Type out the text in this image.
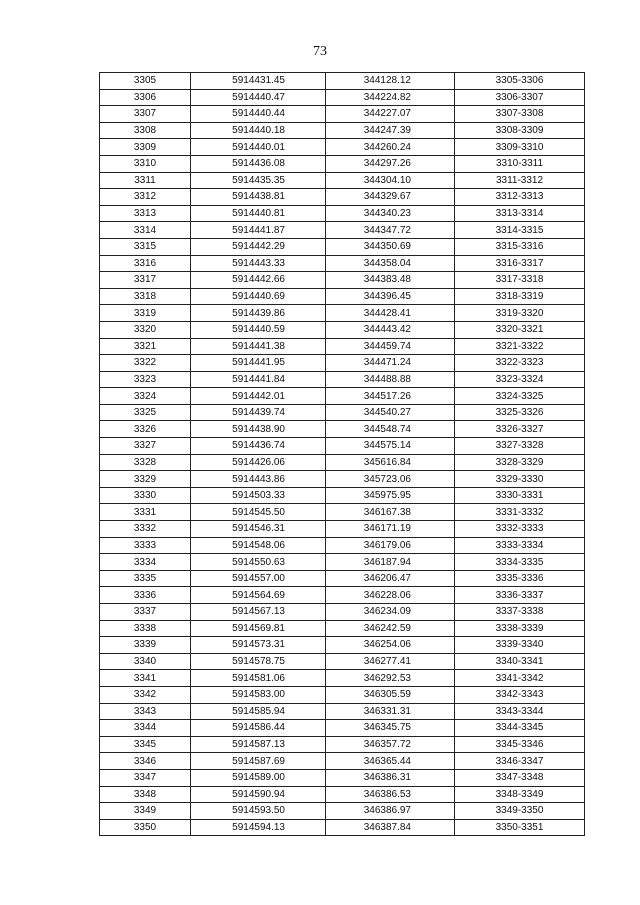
73
3305	5914431.45	344128.12	3305-3306
3306	5914440.47	344224.82	3306-3307
3307	5914440.44	344227.07	3307-3308
3308	5914440.18	344247.39	3308-3309
3309	5914440.01	344260.24	3309-3310
3310	5914436.08	344297.26	3310-3311
3311	5914435.35	344304.10	3311-3312
3312	5914438.81	344329.67	3312-3313
3313	5914440.81	344340.23	3313-3314
3314	5914441.87	344347.72	3314-3315
3315	5914442.29	344350.69	3315-3316
3316	5914443.33	344358.04	3316-3317
3317	5914442.66	344383.48	3317-3318
3318	5914440.69	344396.45	3318-3319
3319	5914439.86	344428.41	3319-3320
3320	5914440.59	344443.42	3320-3321
3321	5914441.38	344459.74	3321-3322
3322	5914441.95	344471.24	3322-3323
3323	5914441.84	344488.88	3323-3324
3324	5914442.01	344517.26	3324-3325
3325	5914439.74	344540.27	3325-3326
3326	5914438.90	344548.74	3326-3327
3327	5914436.74	344575.14	3327-3328
3328	5914426.06	345616.84	3328-3329
3329	5914443.86	345723.06	3329-3330
3330	5914503.33	345975.95	3330-3331
3331	5914545.50	346167.38	3331-3332
3332	5914546.31	346171.19	3332-3333
3333	5914548.06	346179.06	3333-3334
3334	5914550.63	346187.94	3334-3335
3335	5914557.00	346206.47	3335-3336
3336	5914564.69	346228.06	3336-3337
3337	5914567.13	346234.09	3337-3338
3338	5914569.81	346242.59	3338-3339
3339	5914573.31	346254.06	3339-3340
3340	5914578.75	346277.41	3340-3341
3341	5914581.06	346292.53	3341-3342
3342	5914583.00	346305.59	3342-3343
3343	5914585.94	346331.31	3343-3344
3344	5914586.44	346345.75	3344-3345
3345	5914587.13	346357.72	3345-3346
3346	5914587.69	346365.44	3346-3347
3347	5914589.00	346386.31	3347-3348
3348	5914590.94	346386.53	3348-3349
3349	5914593.50	346386.97	3349-3350
3350	5914594.13	346387.84	3350-3351
